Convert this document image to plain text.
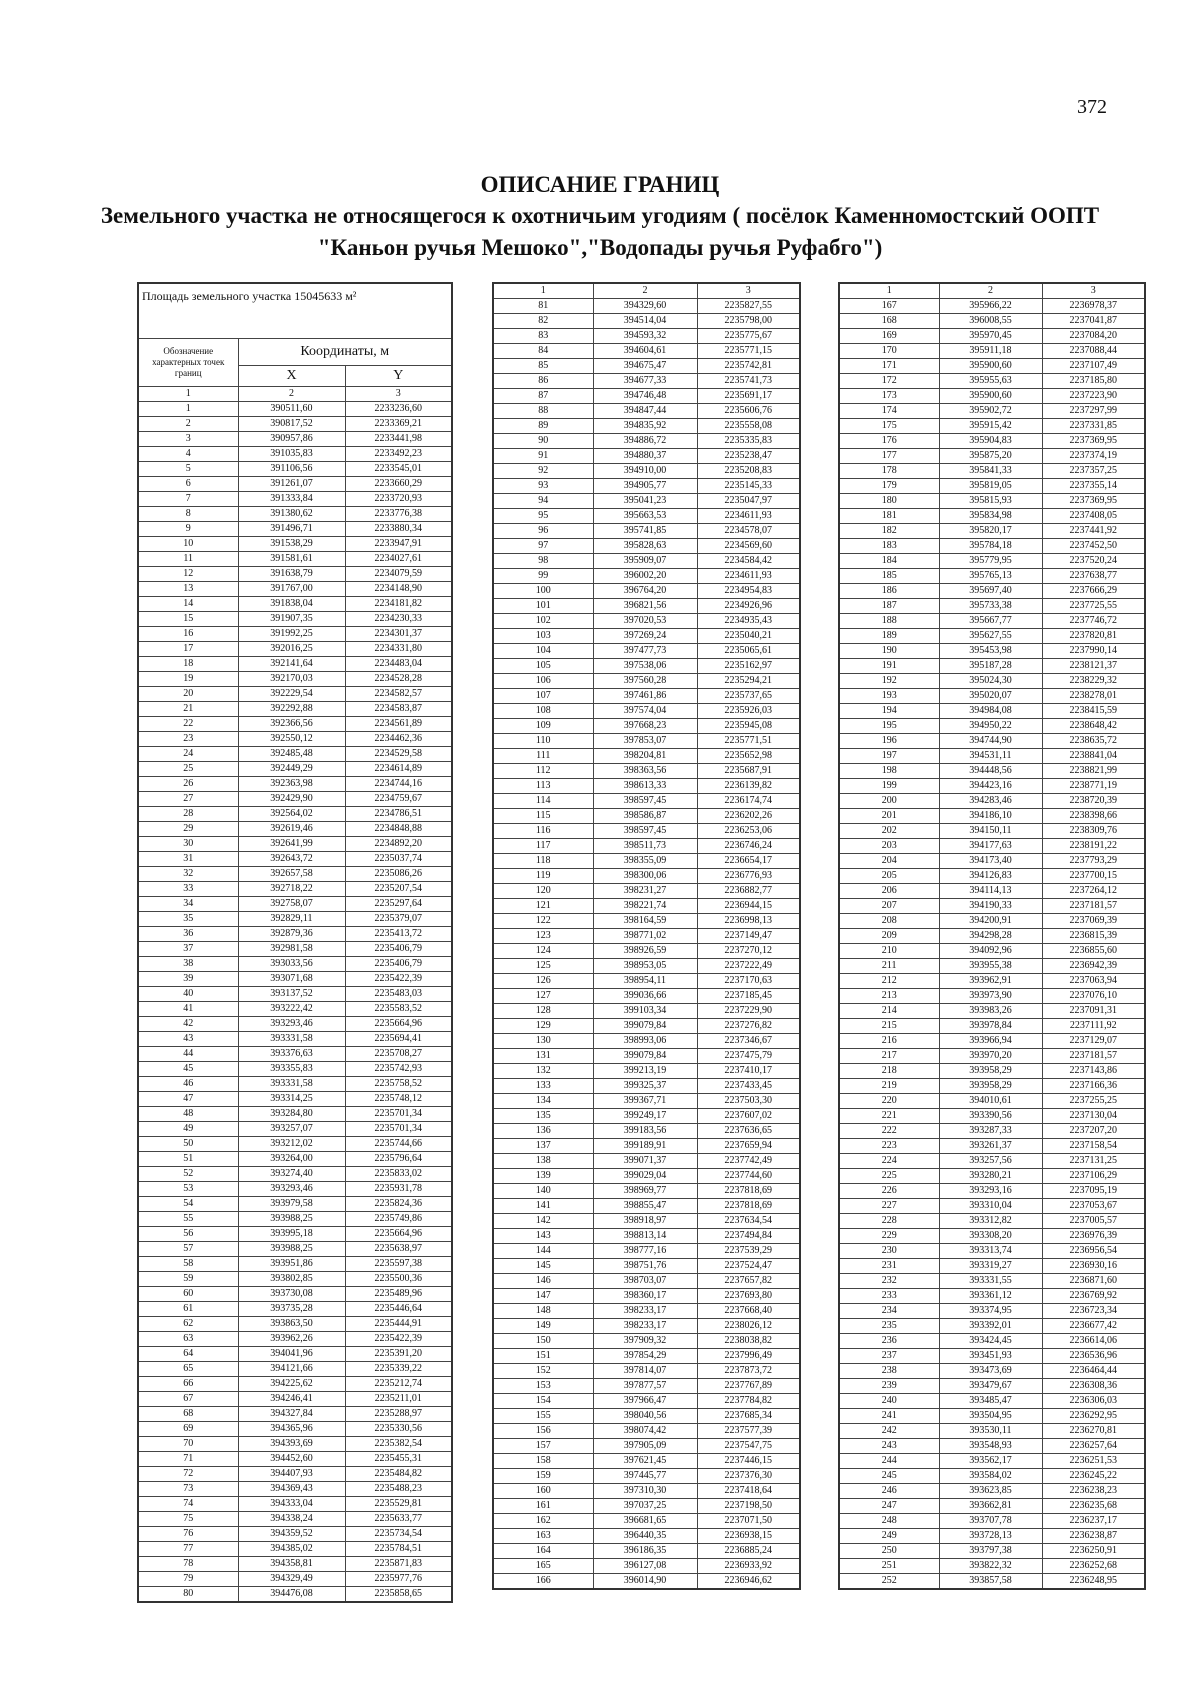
372

ОПИСАНИЕ ГРАНИЦ

Земельного участка не относящегося к охотничьим угодиям ( посёлок Каменномостский ООПТ

"Каньон ручья Мешоко","Водопады ручья Руфабго")

Площадь земельного участка 15045633 м²		
Обозначение характерных точек границ	Координаты, м	
	X	Y
1	2	3
1	390511,60	2233236,60
2	390817,52	2233369,21
3	390957,86	2233441,98
4	391035,83	2233492,23
5	391106,56	2233545,01
6	391261,07	2233660,29
7	391333,84	2233720,93
8	391380,62	2233776,38
9	391496,71	2233880,34
10	391538,29	2233947,91
11	391581,61	2234027,61
12	391638,79	2234079,59
13	391767,00	2234148,90
14	391838,04	2234181,82
15	391907,35	2234230,33
16	391992,25	2234301,37
17	392016,25	2234331,80
18	392141,64	2234483,04
19	392170,03	2234528,28
20	392229,54	2234582,57
21	392292,88	2234583,87
22	392366,56	2234561,89
23	392550,12	2234462,36
24	392485,48	2234529,58
25	392449,29	2234614,89
26	392363,98	2234744,16
27	392429,90	2234759,67
28	392564,02	2234786,51
29	392619,46	2234848,88
30	392641,99	2234892,20
31	392643,72	2235037,74
32	392657,58	2235086,26
33	392718,22	2235207,54
34	392758,07	2235297,64
35	392829,11	2235379,07
36	392879,36	2235413,72
37	392981,58	2235406,79
38	393033,56	2235406,79
39	393071,68	2235422,39
40	393137,52	2235483,03
41	393222,42	2235583,52
42	393293,46	2235664,96
43	393331,58	2235694,41
44	393376,63	2235708,27
45	393355,83	2235742,93
46	393331,58	2235758,52
47	393314,25	2235748,12
48	393284,80	2235701,34
49	393257,07	2235701,34
50	393212,02	2235744,66
51	393264,00	2235796,64
52	393274,40	2235833,02
53	393293,46	2235931,78
54	393979,58	2235824,36
55	393988,25	2235749,86
56	393995,18	2235664,96
57	393988,25	2235638,97
58	393951,86	2235597,38
59	393802,85	2235500,36
60	393730,08	2235489,96
61	393735,28	2235446,64
62	393863,50	2235444,91
63	393962,26	2235422,39
64	394041,96	2235391,20
65	394121,66	2235339,22
66	394225,62	2235212,74
67	394246,41	2235211,01
68	394327,84	2235288,97
69	394365,96	2235330,56
70	394393,69	2235382,54
71	394452,60	2235455,31
72	394407,93	2235484,82
73	394369,43	2235488,23
74	394333,04	2235529,81
75	394338,24	2235633,77
76	394359,52	2235734,54
77	394385,02	2235784,51
78	394358,81	2235871,83
79	394329,49	2235977,76
80	394476,08	2235858,65
1	2	3
81	394329,60	2235827,55
82	394514,04	2235798,00
83	394593,32	2235775,67
84	394604,61	2235771,15
85	394675,47	2235742,81
86	394677,33	2235741,73
87	394746,48	2235691,17
88	394847,44	2235606,76
89	394835,92	2235558,08
90	394886,72	2235335,83
91	394880,37	2235238,47
92	394910,00	2235208,83
93	394905,77	2235145,33
94	395041,23	2235047,97
95	395663,53	2234611,93
96	395741,85	2234578,07
97	395828,63	2234569,60
98	395909,07	2234584,42
99	396002,20	2234611,93
100	396764,20	2234954,83
101	396821,56	2234926,96
102	397020,53	2234935,43
103	397269,24	2235040,21
104	397477,73	2235065,61
105	397538,06	2235162,97
106	397560,28	2235294,21
107	397461,86	2235737,65
108	397574,04	2235926,03
109	397668,23	2235945,08
110	397853,07	2235771,51
111	398204,81	2235652,98
112	398363,56	2235687,91
113	398613,33	2236139,82
114	398597,45	2236174,74
115	398586,87	2236202,26
116	398597,45	2236253,06
117	398511,73	2236746,24
118	398355,09	2236654,17
119	398300,06	2236776,93
120	398231,27	2236882,77
121	398221,74	2236944,15
122	398164,59	2236998,13
123	398771,02	2237149,47
124	398926,59	2237270,12
125	398953,05	2237222,49
126	398954,11	2237170,63
127	399036,66	2237185,45
128	399103,34	2237229,90
129	399079,84	2237276,82
130	398993,06	2237346,67
131	399079,84	2237475,79
132	399213,19	2237410,17
133	399325,37	2237433,45
134	399367,71	2237503,30
135	399249,17	2237607,02
136	399183,56	2237636,65
137	399189,91	2237659,94
138	399071,37	2237742,49
139	399029,04	2237744,60
140	398969,77	2237818,69
141	398855,47	2237818,69
142	398918,97	2237634,54
143	398813,14	2237494,84
144	398777,16	2237539,29
145	398751,76	2237524,47
146	398703,07	2237657,82
147	398360,17	2237693,80
148	398233,17	2237668,40
149	398233,17	2238026,12
150	397909,32	2238038,82
151	397854,29	2237996,49
152	397814,07	2237873,72
153	397877,57	2237767,89
154	397966,47	2237784,82
155	398040,56	2237685,34
156	398074,42	2237577,39
157	397905,09	2237547,75
158	397621,45	2237446,15
159	397445,77	2237376,30
160	397310,30	2237418,64
161	397037,25	2237198,50
162	396681,65	2237071,50
163	396440,35	2236938,15
164	396186,35	2236885,24
165	396127,08	2236933,92
166	396014,90	2236946,62
1	2	3
167	395966,22	2236978,37
168	396008,55	2237041,87
169	395970,45	2237084,20
170	395911,18	2237088,44
171	395900,60	2237107,49
172	395955,63	2237185,80
173	395900,60	2237223,90
174	395902,72	2237297,99
175	395915,42	2237331,85
176	395904,83	2237369,95
177	395875,20	2237374,19
178	395841,33	2237357,25
179	395819,05	2237355,14
180	395815,93	2237369,95
181	395834,98	2237408,05
182	395820,17	2237441,92
183	395784,18	2237452,50
184	395779,95	2237520,24
185	395765,13	2237638,77
186	395697,40	2237666,29
187	395733,38	2237725,55
188	395667,77	2237746,72
189	395627,55	2237820,81
190	395453,98	2237990,14
191	395187,28	2238121,37
192	395024,30	2238229,32
193	395020,07	2238278,01
194	394984,08	2238415,59
195	394950,22	2238648,42
196	394744,90	2238635,72
197	394531,11	2238841,04
198	394448,56	2238821,99
199	394423,16	2238771,19
200	394283,46	2238720,39
201	394186,10	2238398,66
202	394150,11	2238309,76
203	394177,63	2238191,22
204	394173,40	2237793,29
205	394126,83	2237700,15
206	394114,13	2237264,12
207	394190,33	2237181,57
208	394200,91	2237069,39
209	394298,28	2236815,39
210	394092,96	2236855,60
211	393955,38	2236942,39
212	393962,91	2237063,94
213	393973,90	2237076,10
214	393983,26	2237091,31
215	393978,84	2237111,92
216	393966,94	2237129,07
217	393970,20	2237181,57
218	393958,29	2237143,86
219	393958,29	2237166,36
220	394010,61	2237255,25
221	393390,56	2237130,04
222	393287,33	2237207,20
223	393261,37	2237158,54
224	393257,56	2237131,25
225	393280,21	2237106,29
226	393293,16	2237095,19
227	393310,04	2237053,67
228	393312,82	2237005,57
229	393308,20	2236976,39
230	393313,74	2236956,54
231	393319,27	2236930,16
232	393331,55	2236871,60
233	393361,12	2236769,92
234	393374,95	2236723,34
235	393392,01	2236677,42
236	393424,45	2236614,06
237	393451,93	2236536,96
238	393473,69	2236464,44
239	393479,67	2236308,36
240	393485,47	2236306,03
241	393504,95	2236292,95
242	393530,11	2236270,81
243	393548,93	2236257,64
244	393562,17	2236251,53
245	393584,02	2236245,22
246	393623,85	2236238,23
247	393662,81	2236235,68
248	393707,78	2236237,17
249	393728,13	2236238,87
250	393797,38	2236250,91
251	393822,32	2236252,68
252	393857,58	2236248,95
